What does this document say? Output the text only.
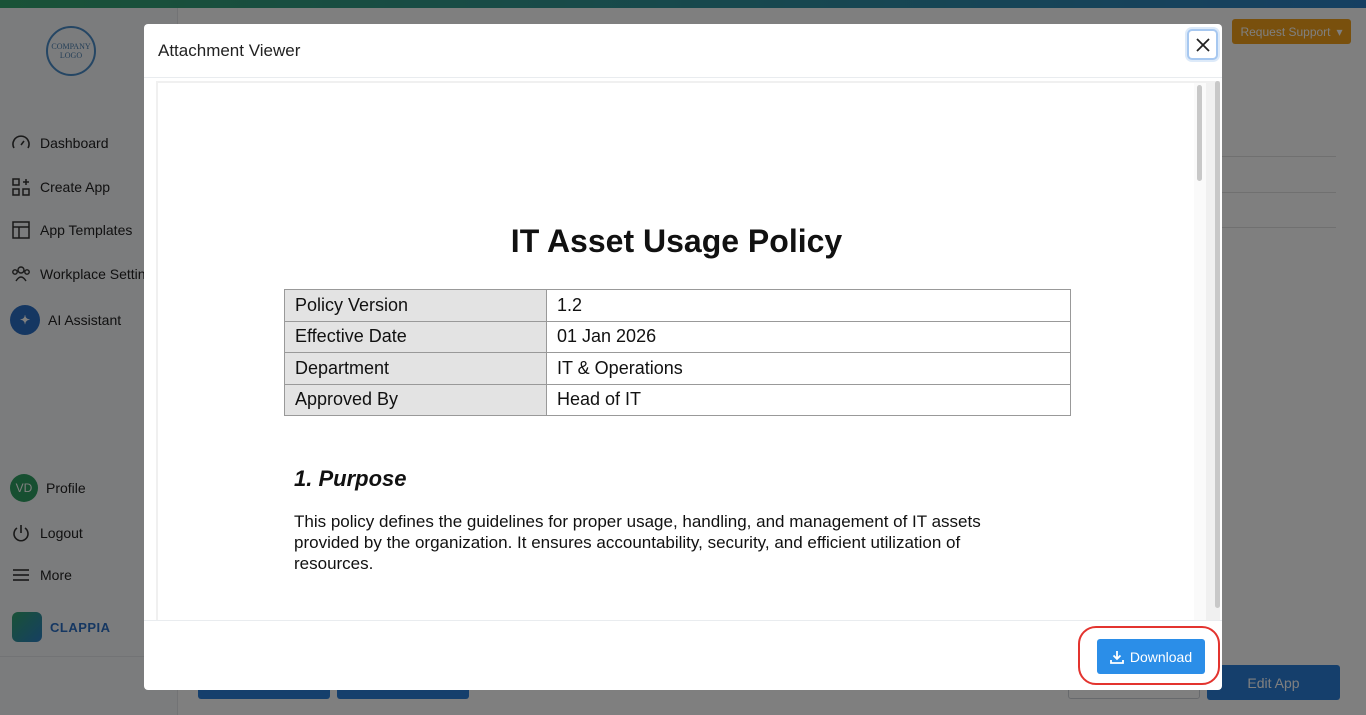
Attachment Viewer
IT Asset Usage Policy
Policy Version	1.2
Effective Date	01 Jan 2026
Department	IT & Operations
Approved By	Head of IT
1. Purpose
This policy defines the guidelines for proper usage, handling, and management of IT assets provided by the organization. It ensures accountability, security, and efficient utilization of resources.
Download
